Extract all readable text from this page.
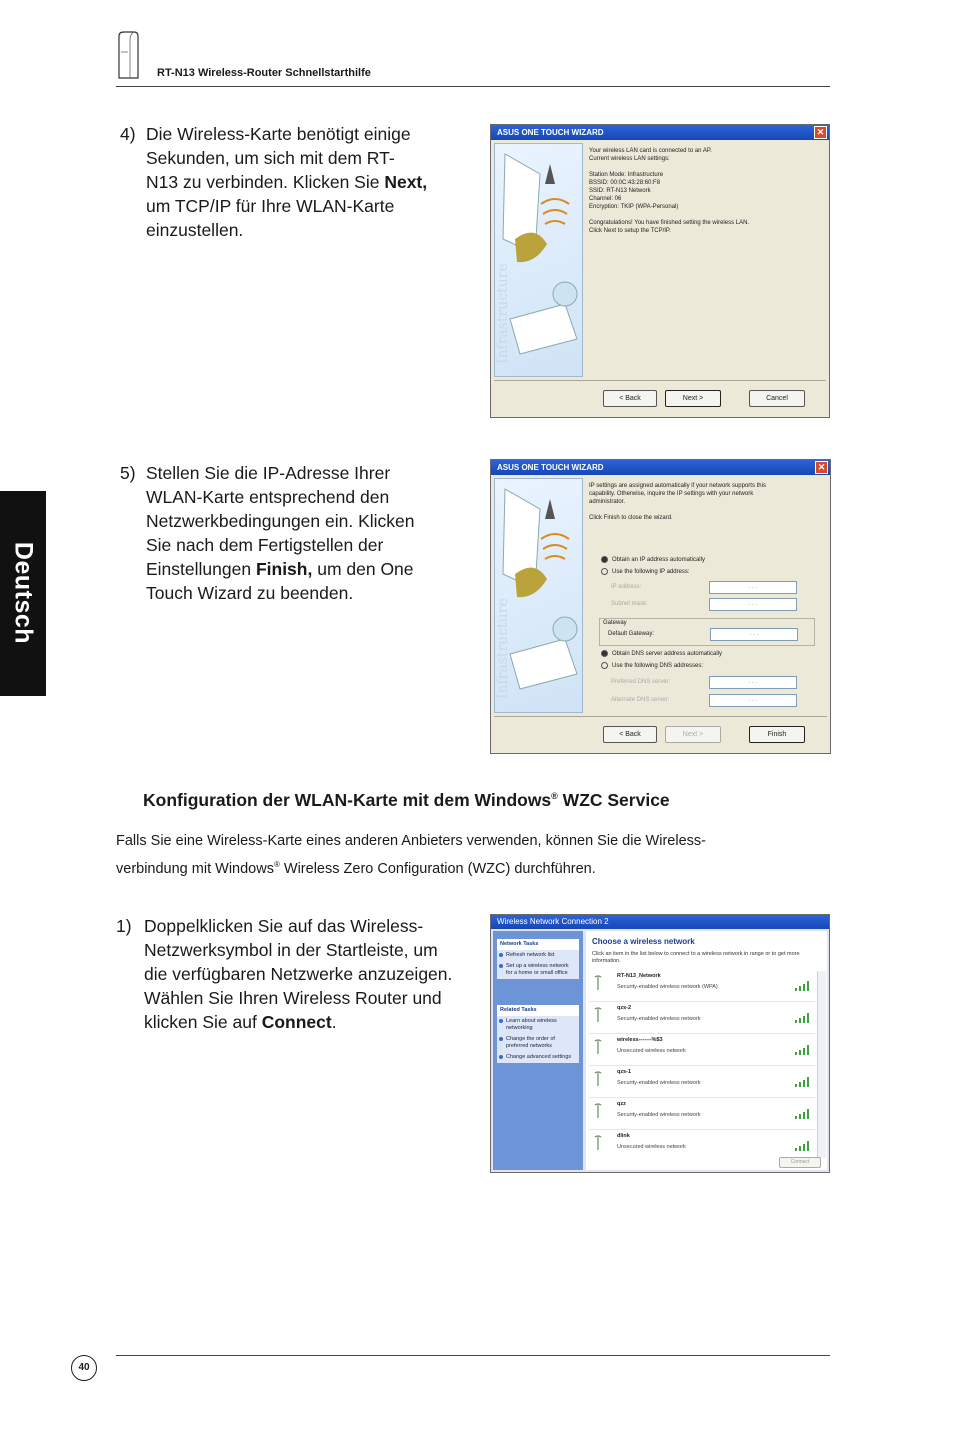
RT-N13 Wireless-Router Schnellstarthilfe
Deutsch
4) Die Wireless-Karte benötigt einige
Sekunden, um sich mit dem RT-
N13 zu verbinden. Klicken Sie Next,
um TCP/IP für Ihre WLAN-Karte
einzustellen.
ASUS ONE TOUCH WIZARD	✕
Infrastructure
Your wireless LAN card is connected to an AP.
Current wireless LAN settings:
Station Mode: Infrastructure
BSSID: 00:0C:43:28:60:F8
SSID: RT-N13 Network
Channel: 06
Encryption: TKIP (WPA-Personal)
Congratulations! You have finished setting the wireless LAN.
Click Next to setup the TCP/IP.
< Back	Next >	Cancel
5) Stellen Sie die IP-Adresse Ihrer
WLAN-Karte entsprechend den
Netzwerkbedingungen ein. Klicken
Sie nach dem Fertigstellen der
Einstellungen Finish, um den One
Touch Wizard zu beenden.
ASUS ONE TOUCH WIZARD	✕
Infrastructure
IP settings are assigned automatically if your network supports this
capability. Otherwise, inquire the IP settings with your network
administrator.
Click Finish to close the wizard.
Obtain an IP address automatically
Use the following IP address:
IP address:	. . .
Subnet mask:	. . .
Gateway
Default Gateway:	. . .
Obtain DNS server address automatically
Use the following DNS addresses:
Preferred DNS server:	. . .
Alternate DNS server:	. . .
< Back	Next >	Finish
Konfiguration der WLAN-Karte mit dem Windows® WZC Service
Falls Sie eine Wireless-Karte eines anderen Anbieters verwenden, können Sie die Wireless-
verbindung mit Windows® Wireless Zero Configuration (WZC) durchführen.
1) Doppelklicken Sie auf das Wireless-
Netzwerksymbol in der Startleiste, um
die verfügbaren Netzwerke anzuzeigen.
Wählen Sie Ihren Wireless Router und
klicken Sie auf Connect.
Wireless Network Connection 2
Network Tasks
Refresh network list
Set up a wireless network for a home or small office
Related Tasks
Learn about wireless networking
Change the order of preferred networks
Change advanced settings
Choose a wireless network
Click an item in the list below to connect to a wireless network in range or to get more information.
RT-N13_Network
Security-enabled wireless network (WPA)
qzs-2
Security-enabled wireless network
wireless-------%$3
Unsecured wireless network
qzs-1
Security-enabled wireless network
qzz
Security-enabled wireless network
dlink
Unsecured wireless network
Connect
40
